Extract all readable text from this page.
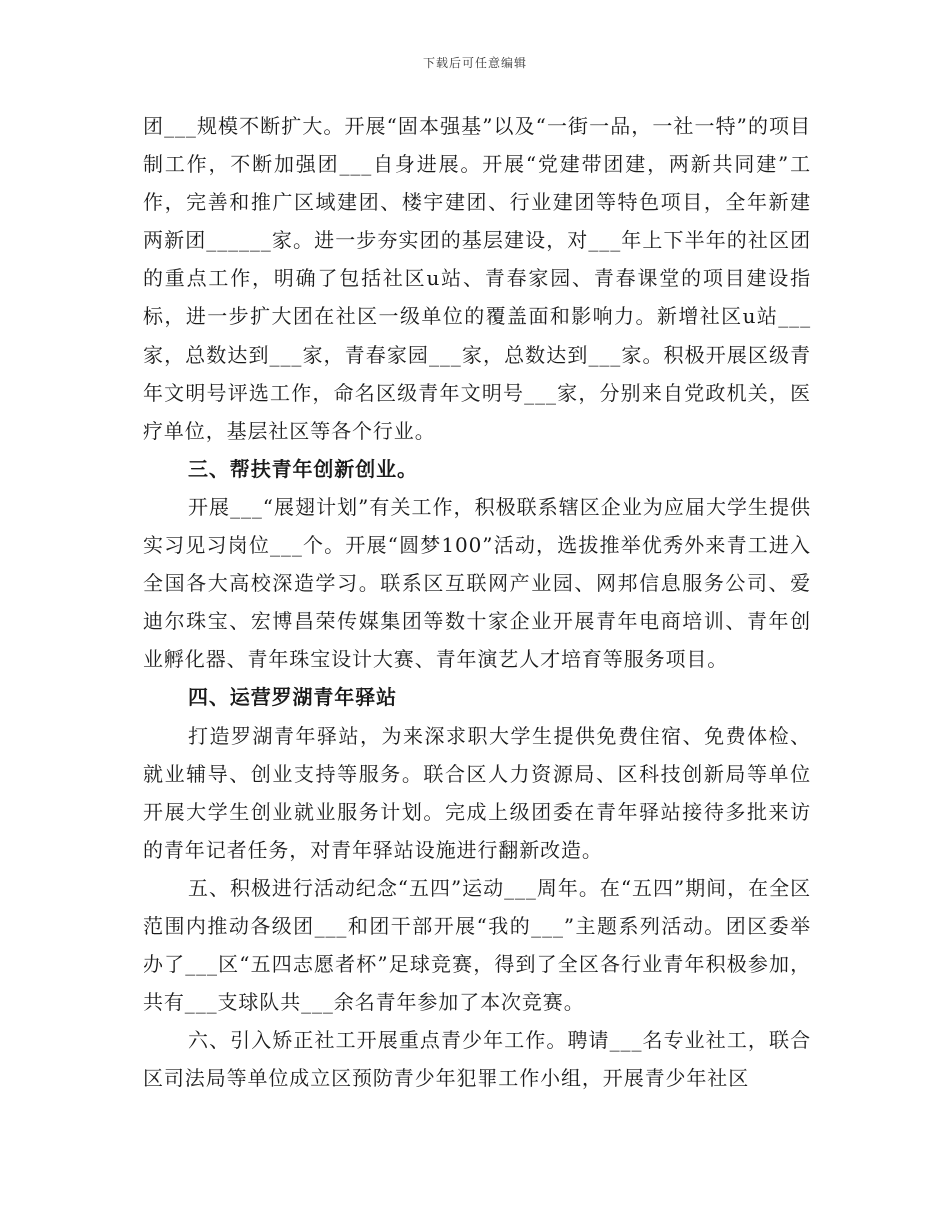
下载后可任意编辑

团___规模不断扩大。开展“固本强基”以及“一街一品，一社一特”的项目制工作，不断加强团___自身进展。开展“党建带团建，两新共同建”工作，完善和推广区域建团、楼宇建团、行业建团等特色项目，全年新建两新团______家。进一步夯实团的基层建设，对___年上下半年的社区团的重点工作，明确了包括社区u站、青春家园、青春课堂的项目建设指标，进一步扩大团在社区一级单位的覆盖面和影响力。新增社区u站___家，总数达到___家，青春家园___家，总数达到___家。积极开展区级青年文明号评选工作，命名区级青年文明号___家，分别来自党政机关，医疗单位，基层社区等各个行业。

三、帮扶青年创新创业。

开展___“展翅计划”有关工作，积极联系辖区企业为应届大学生提供实习见习岗位___个。开展“圆梦100”活动，选拔推举优秀外来青工进入全国各大高校深造学习。联系区互联网产业园、网邦信息服务公司、爱迪尔珠宝、宏博昌荣传媒集团等数十家企业开展青年电商培训、青年创业孵化器、青年珠宝设计大赛、青年演艺人才培育等服务项目。

四、运营罗湖青年驿站

打造罗湖青年驿站，为来深求职大学生提供免费住宿、免费体检、就业辅导、创业支持等服务。联合区人力资源局、区科技创新局等单位开展大学生创业就业服务计划。完成上级团委在青年驿站接待多批来访的青年记者任务，对青年驿站设施进行翻新改造。

五、积极进行活动纪念“五四”运动___周年。在“五四”期间，在全区范围内推动各级团___和团干部开展“我的___”主题系列活动。团区委举办了___区“五四志愿者杯”足球竞赛，得到了全区各行业青年积极参加，共有___支球队共___余名青年参加了本次竞赛。

六、引入矫正社工开展重点青少年工作。聘请___名专业社工，联合区司法局等单位成立区预防青少年犯罪工作小组，开展青少年社区
